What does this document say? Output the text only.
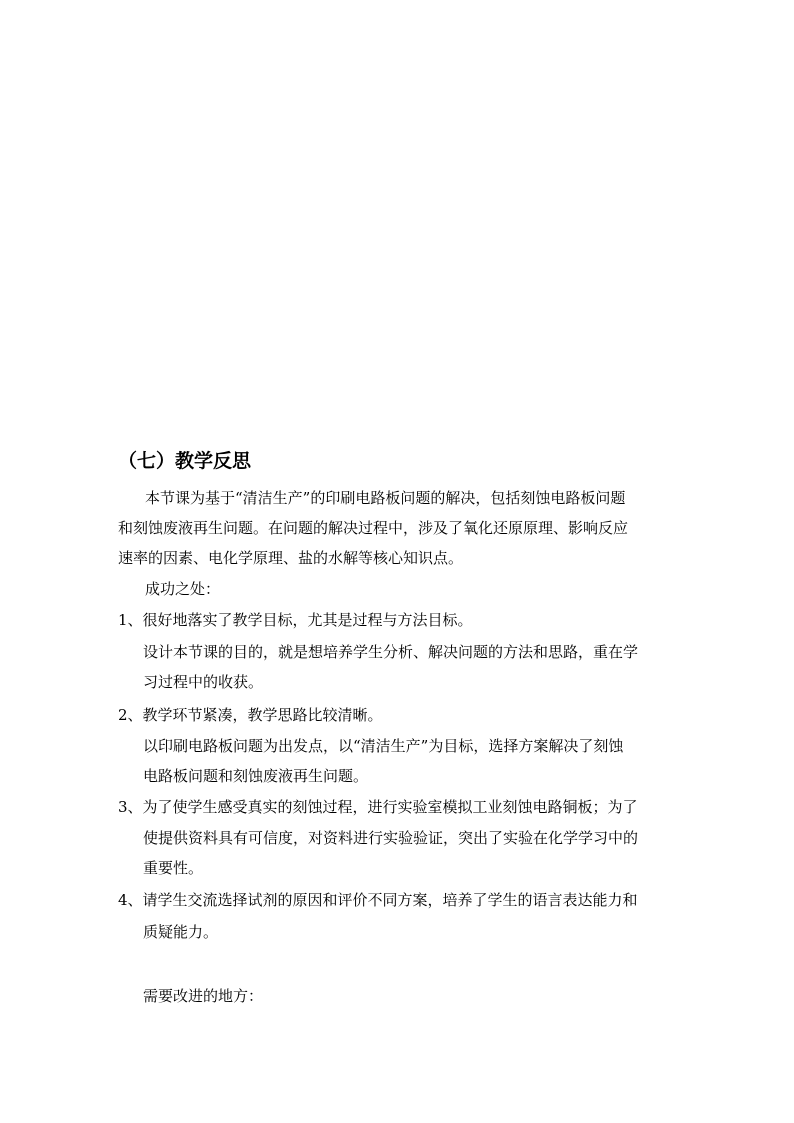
（七）教学反思
本节课为基于“清洁生产”的印刷电路板问题的解决，包括刻蚀电路板问题
和刻蚀废液再生问题。在问题的解决过程中，涉及了氧化还原原理、影响反应
速率的因素、电化学原理、盐的水解等核心知识点。
成功之处：
1、很好地落实了教学目标，尤其是过程与方法目标。
设计本节课的目的，就是想培养学生分析、解决问题的方法和思路，重在学
习过程中的收获。
2、教学环节紧凑，教学思路比较清晰。
以印刷电路板问题为出发点，以“清洁生产”为目标，选择方案解决了刻蚀
电路板问题和刻蚀废液再生问题。
3、为了使学生感受真实的刻蚀过程，进行实验室模拟工业刻蚀电路铜板；为了
使提供资料具有可信度，对资料进行实验验证，突出了实验在化学学习中的
重要性。
4、请学生交流选择试剂的原因和评价不同方案，培养了学生的语言表达能力和
质疑能力。
需要改进的地方：
